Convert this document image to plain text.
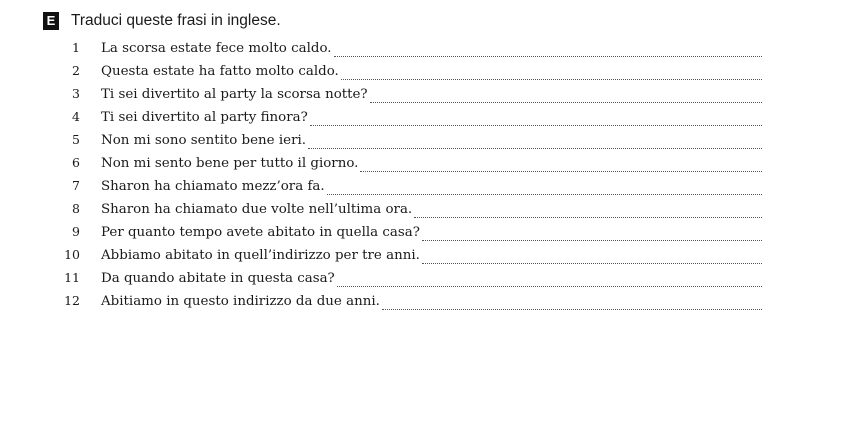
E Traduci queste frasi in inglese.
1 La scorsa estate fece molto caldo.
2 Questa estate ha fatto molto caldo.
3 Ti sei divertito al party la scorsa notte?
4 Ti sei divertito al party finora?
5 Non mi sono sentito bene ieri.
6 Non mi sento bene per tutto il giorno.
7 Sharon ha chiamato mezz’ora fa.
8 Sharon ha chiamato due volte nell’ultima ora.
9 Per quanto tempo avete abitato in quella casa?
10 Abbiamo abitato in quell’indirizzo per tre anni.
11 Da quando abitate in questa casa?
12 Abitiamo in questo indirizzo da due anni.
